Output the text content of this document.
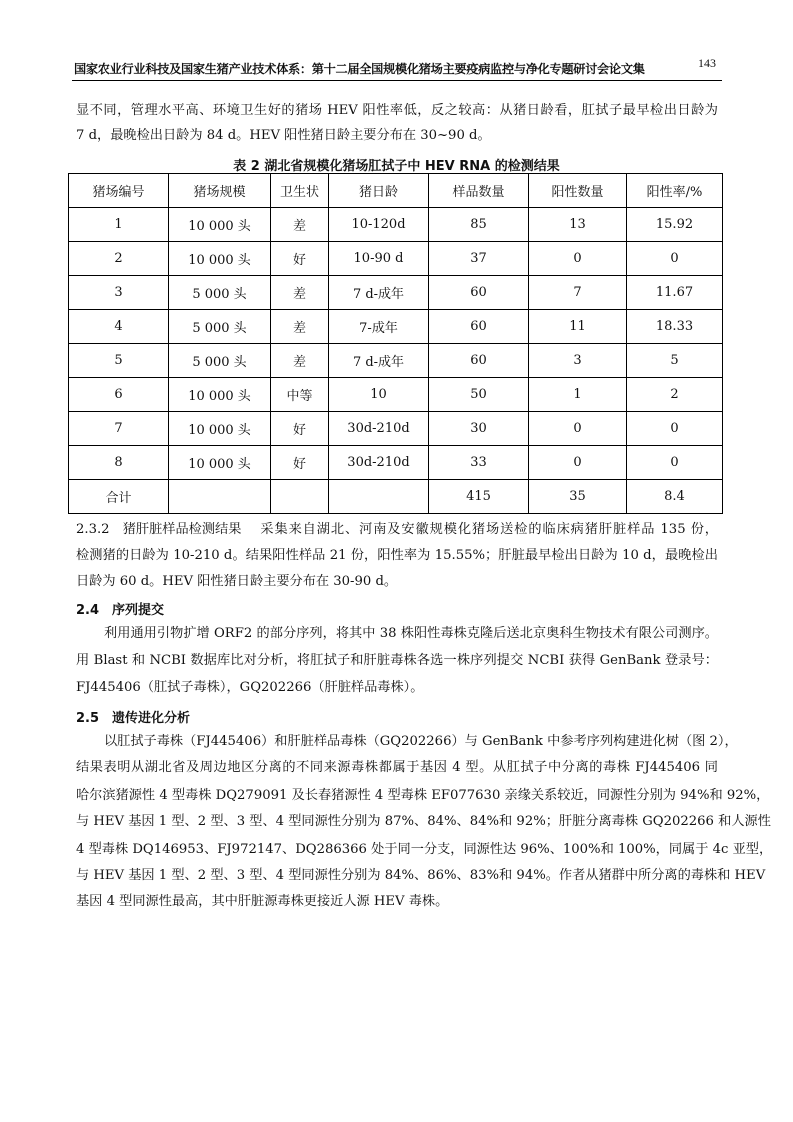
国家农业行业科技及国家生猪产业技术体系：第十二届全国规模化猪场主要疫病监控与净化专题研讨会论文集	143
显不同，管理水平高、环境卫生好的猪场 HEV 阳性率低，反之较高：从猪日龄看，肛拭子最早检出日龄为
7 d，最晚检出日龄为 84 d。HEV 阳性猪日龄主要分布在 30~90 d。
表 2 湖北省规模化猪场肛拭子中 HEV RNA 的检测结果
猪场编号	猪场规模	卫生状	猪日龄	样品数量	阳性数量	阳性率/%
1	10 000 头	差	10-120d	85	13	15.92
2	10 000 头	好	10-90 d	37	0	0
3	5 000 头	差	7 d-成年	60	7	11.67
4	5 000 头	差	7-成年	60	11	18.33
5	5 000 头	差	7 d-成年	60	3	5
6	10 000 头	中等	10	50	1	2
7	10 000 头	好	30d-210d	30	0	0
8	10 000 头	好	30d-210d	33	0	0
合计				415	35	8.4
2.3.2　猪肝脏样品检测结果 采集来自湖北、河南及安徽规模化猪场送检的临床病猪肝脏样品 135 份，
检测猪的日龄为 10-210 d。结果阳性样品 21 份，阳性率为 15.55%；肝脏最早检出日龄为 10 d，最晚检出
日龄为 60 d。HEV 阳性猪日龄主要分布在 30-90 d。
2.4 序列提交
利用通用引物扩增 ORF2 的部分序列，将其中 38 株阳性毒株克隆后送北京奥科生物技术有限公司测序。
用 Blast 和 NCBI 数据库比对分析，将肛拭子和肝脏毒株各选一株序列提交 NCBI 获得 GenBank 登录号：
FJ445406（肛拭子毒株），GQ202266（肝脏样品毒株）。
2.5 遗传进化分析
以肛拭子毒株（FJ445406）和肝脏样品毒株（GQ202266）与 GenBank 中参考序列构建进化树（图 2），
结果表明从湖北省及周边地区分离的不同来源毒株都属于基因 4 型。从肛拭子中分离的毒株 FJ445406 同
哈尔滨猪源性 4 型毒株 DQ279091 及长春猪源性 4 型毒株 EF077630 亲缘关系较近，同源性分别为 94%和 92%，
与 HEV 基因 1 型、2 型、3 型、4 型同源性分别为 87%、84%、84%和 92%；肝脏分离毒株 GQ202266 和人源性
4 型毒株 DQ146953、FJ972147、DQ286366 处于同一分支，同源性达 96%、100%和 100%，同属于 4c 亚型，
与 HEV 基因 1 型、2 型、3 型、4 型同源性分别为 84%、86%、83%和 94%。作者从猪群中所分离的毒株和 HEV
基因 4 型同源性最高，其中肝脏源毒株更接近人源 HEV 毒株。
